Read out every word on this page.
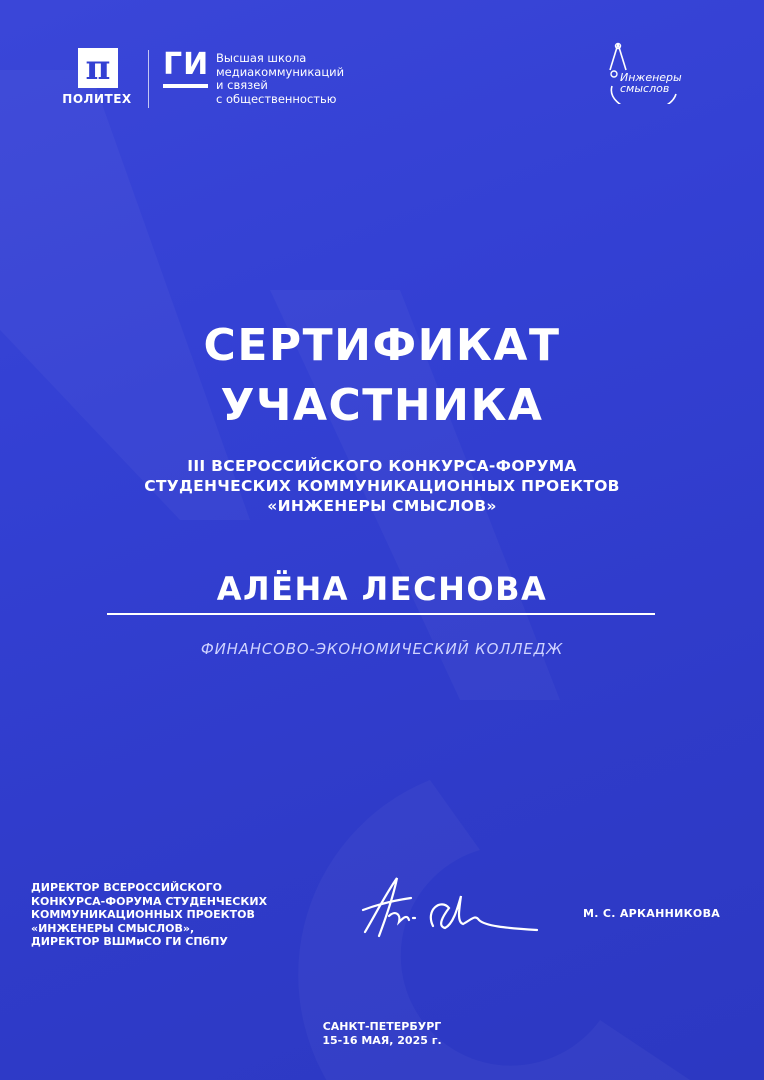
π
ПОЛИТЕХ
ГИ Высшая школа
медиакоммуникаций
и связей
с общественностью
Инженеры
смыслов
СЕРТИФИКАТ
УЧАСТНИКА
III ВСЕРОССИЙСКОГО КОНКУРСА-ФОРУМА
СТУДЕНЧЕСКИХ КОММУНИКАЦИОННЫХ ПРОЕКТОВ
«ИНЖЕНЕРЫ СМЫСЛОВ»
АЛЁНА ЛЕСНОВА
ФИНАНСОВО-ЭКОНОМИЧЕСКИЙ КОЛЛЕДЖ
ДИРЕКТОР ВСЕРОССИЙСКОГО
КОНКУРСА-ФОРУМА СТУДЕНЧЕСКИХ
КОММУНИКАЦИОННЫХ ПРОЕКТОВ
«ИНЖЕНЕРЫ СМЫСЛОВ»,
ДИРЕКТОР ВШМиСО ГИ СПбПУ
М. С. АРКАННИКОВА
САНКТ-ПЕТЕРБУРГ
15-16 МАЯ, 2025 г.
